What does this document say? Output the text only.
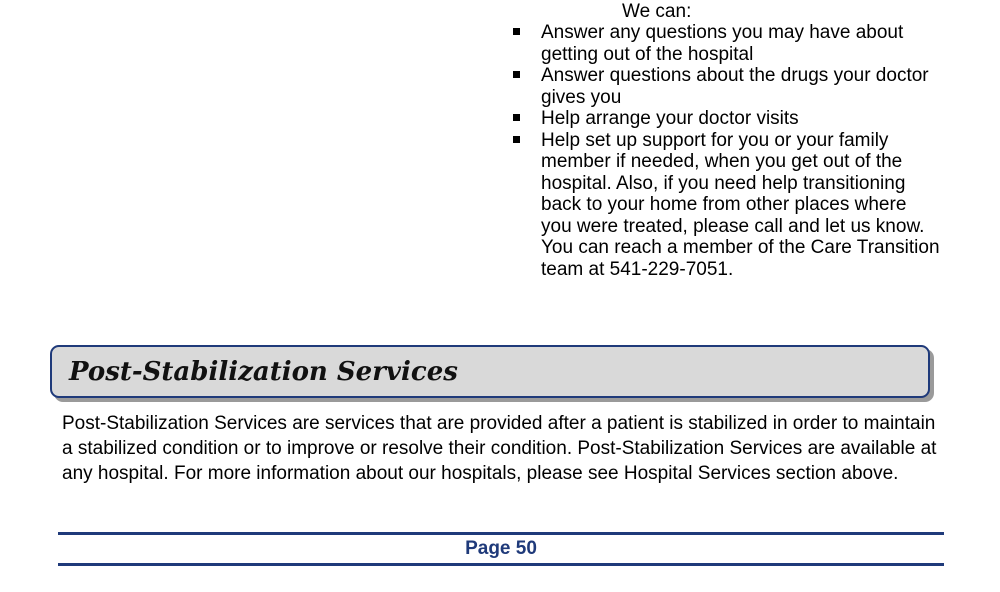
We can:
Answer any questions you may have about getting out of the hospital
Answer questions about the drugs your doctor gives you
Help arrange your doctor visits
Help set up support for you or your family member if needed, when you get out of the hospital. Also, if you need help transitioning back to your home from other places where you were treated, please call and let us know. You can reach a member of the Care Transition team at 541-229-7051.
Post-Stabilization Services

Post-Stabilization Services are services that are provided after a patient is stabilized in order to maintain a stabilized condition or to improve or resolve their condition. Post-Stabilization Services are available at any hospital. For more information about our hospitals, please see Hospital Services section above.

Page 50
